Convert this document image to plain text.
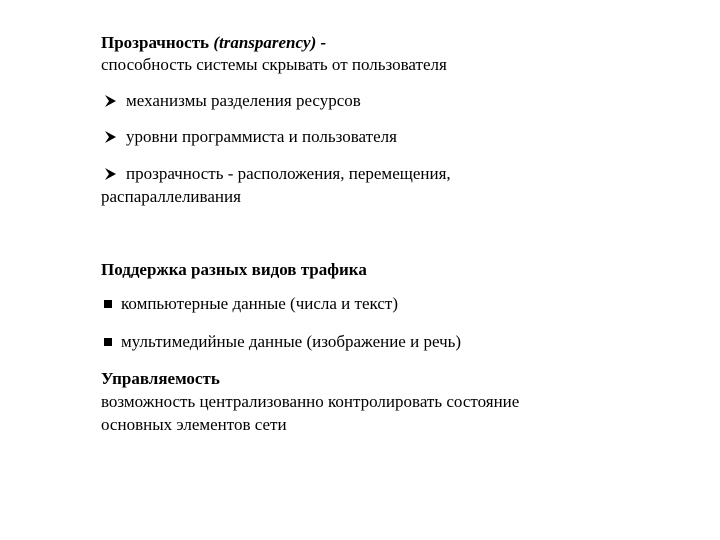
Прозрачность (transparency) -
способность системы скрывать от пользователя
механизмы разделения ресурсов
уровни программиста и пользователя
прозрачность - расположения, перемещения,
распараллеливания
Поддержка разных видов трафика
компьютерные данные (числа и текст)
мультимедийные данные (изображение и речь)
Управляемость
возможность централизованно контролировать состояние
основных элементов сети
